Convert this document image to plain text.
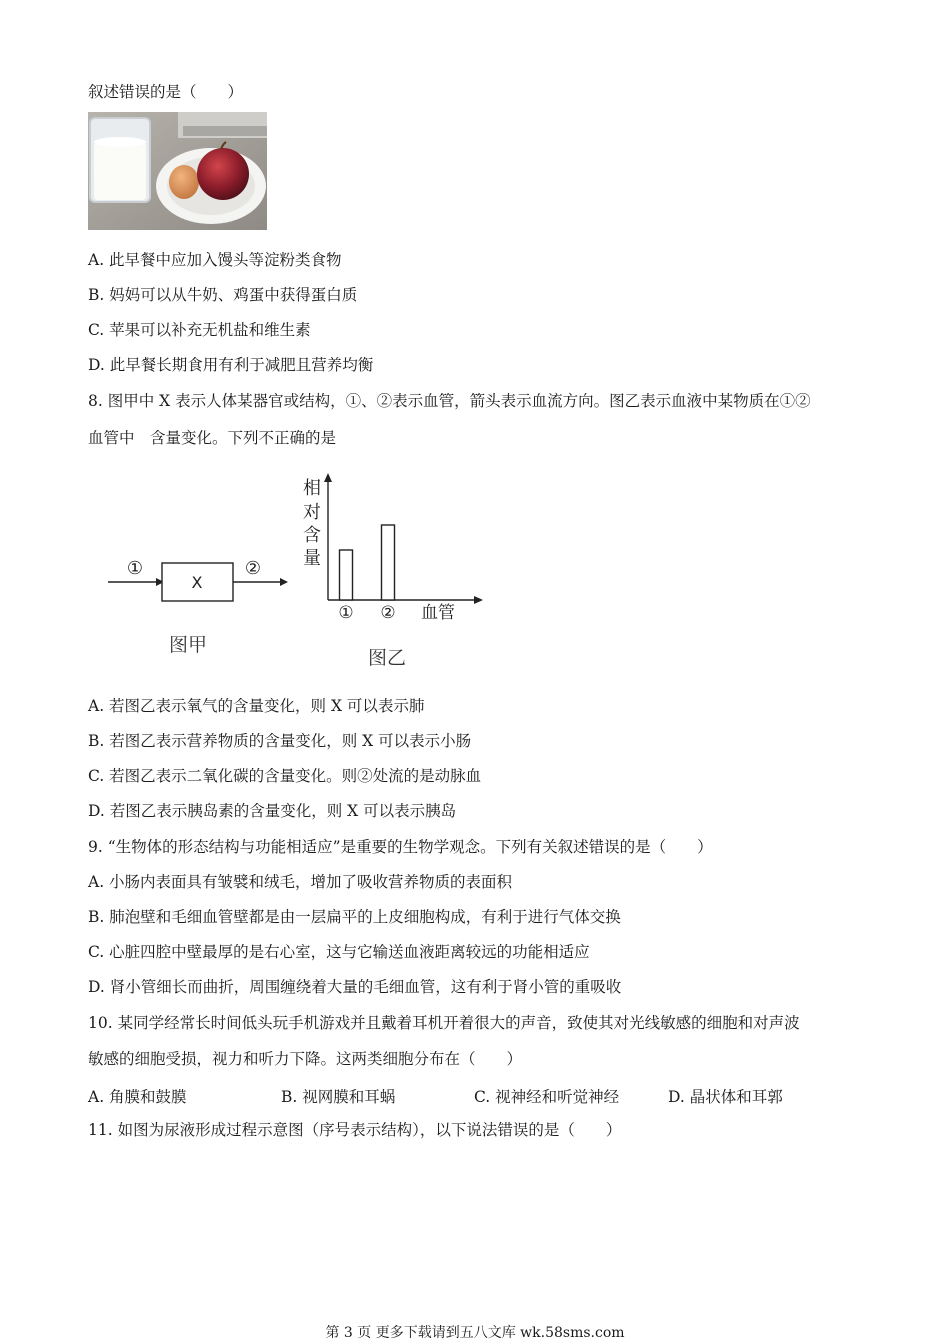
叙述错误的是（　　）
A. 此早餐中应加入馒头等淀粉类食物
B. 妈妈可以从牛奶、鸡蛋中获得蛋白质
C. 苹果可以补充无机盐和维生素
D. 此早餐长期食用有利于减肥且营养均衡
8. 图甲中 X 表示人体某器官或结构，①、②表示血管，箭头表示血流方向。图乙表示血液中某物质在①②
血管中　含量变化。下列不正确的是
①
X
②
图甲
相
对
含
量
① ② 血管
图乙
A. 若图乙表示氧气的含量变化，则 X 可以表示肺
B. 若图乙表示营养物质的含量变化，则 X 可以表示小肠
C. 若图乙表示二氧化碳的含量变化。则②处流的是动脉血
D. 若图乙表示胰岛素的含量变化，则 X 可以表示胰岛
9. “生物体的形态结构与功能相适应”是重要的生物学观念。下列有关叙述错误的是（　　）
A. 小肠内表面具有皱襞和绒毛，增加了吸收营养物质的表面积
B. 肺泡壁和毛细血管壁都是由一层扁平的上皮细胞构成，有利于进行气体交换
C. 心脏四腔中壁最厚的是右心室，这与它输送血液距离较远的功能相适应
D. 肾小管细长而曲折，周围缠绕着大量的毛细血管，这有利于肾小管的重吸收
10. 某同学经常长时间低头玩手机游戏并且戴着耳机开着很大的声音，致使其对光线敏感的细胞和对声波
敏感的细胞受损，视力和听力下降。这两类细胞分布在（　　）
A. 角膜和鼓膜	B. 视网膜和耳蜗	C. 视神经和听觉神经	D. 晶状体和耳郭
11. 如图为尿液形成过程示意图（序号表示结构），以下说法错误的是（　　）
第 3 页 更多下载请到五八文库 wk.58sms.com
